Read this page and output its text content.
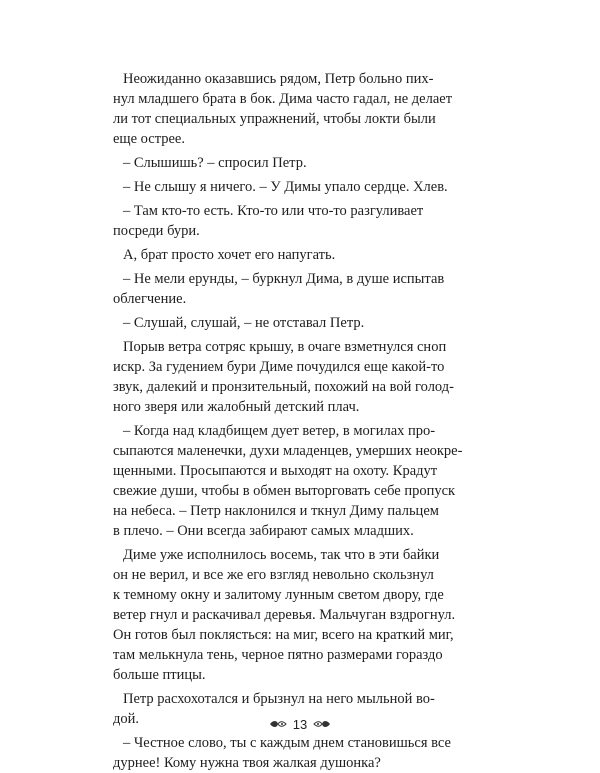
Неожиданно оказавшись рядом, Петр больно пих-
нул младшего брата в бок. Дима часто гадал, не делает
ли тот специальных упражнений, чтобы локти были
еще острее.
– Слышишь? – спросил Петр.
– Не слышу я ничего. – У Димы упало сердце. Хлев.
– Там кто-то есть. Кто-то или что-то разгуливает
посреди бури.
А, брат просто хочет его напугать.
– Не мели ерунды, – буркнул Дима, в душе испытав
облегчение.
– Слушай, слушай, – не отставал Петр.
Порыв ветра сотряс крышу, в очаге взметнулся сноп
искр. За гудением бури Диме почудился еще какой-то
звук, далекий и пронзительный, похожий на вой голод-
ного зверя или жалобный детский плач.
– Когда над кладбищем дует ветер, в могилах про-
сыпаются маленечки, духи младенцев, умерших неокре-
щенными. Просыпаются и выходят на охоту. Крадут
свежие души, чтобы в обмен выторговать себе пропуск
на небеса. – Петр наклонился и ткнул Диму пальцем
в плечо. – Они всегда забирают самых младших.
Диме уже исполнилось восемь, так что в эти байки
он не верил, и все же его взгляд невольно скользнул
к темному окну и залитому лунным светом двору, где
ветер гнул и раскачивал деревья. Мальчуган вздрогнул.
Он готов был поклясться: на миг, всего на краткий миг,
там мелькнула тень, черное пятно размерами гораздо
больше птицы.
Петр расхохотался и брызнул на него мыльной во-
дой.
– Честное слово, ты с каждым днем становишься все
дурнее! Кому нужна твоя жалкая душонка?
13
